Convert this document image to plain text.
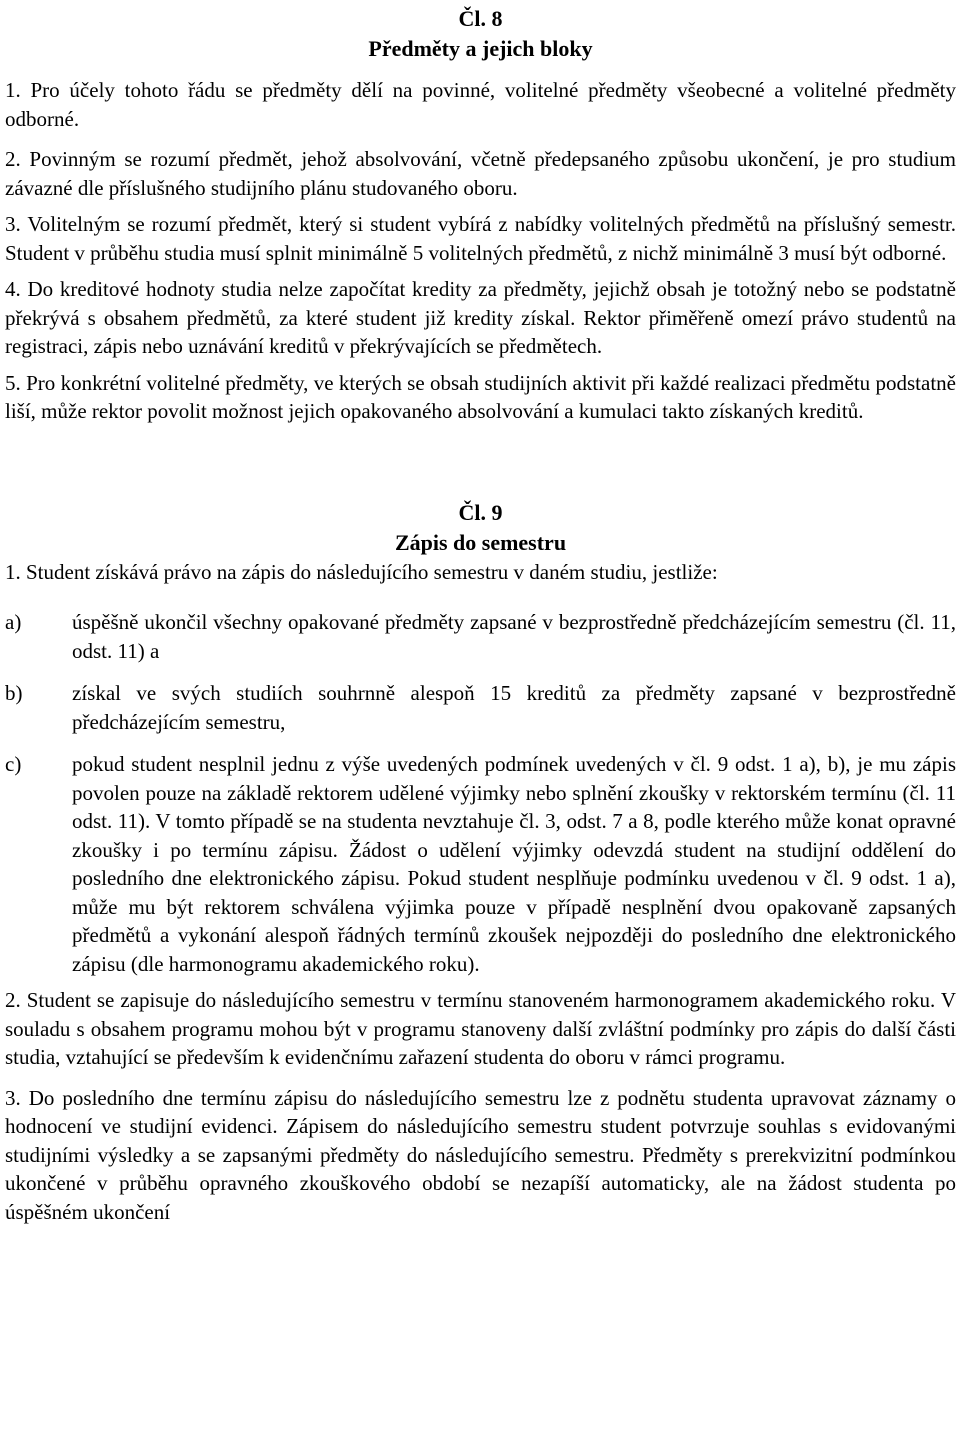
Čl. 8
Předměty a jejich bloky

1. Pro účely tohoto řádu se předměty dělí na povinné, volitelné předměty všeobecné a volitelné předměty odborné.

2. Povinným se rozumí předmět, jehož absolvování, včetně předepsaného způsobu ukončení, je pro studium závazné dle příslušného studijního plánu studovaného oboru.

3. Volitelným se rozumí předmět, který si student vybírá z nabídky volitelných předmětů na příslušný semestr. Student v průběhu studia musí splnit minimálně 5 volitelných předmětů, z nichž minimálně 3 musí být odborné.

4. Do kreditové hodnoty studia nelze započítat kredity za předměty, jejichž obsah je totožný nebo se podstatně překrývá s obsahem předmětů, za které student již kredity získal. Rektor přiměřeně omezí právo studentů na registraci, zápis nebo uznávání kreditů v překrývajících se předmětech.

5. Pro konkrétní volitelné předměty, ve kterých se obsah studijních aktivit při každé realizaci předmětu podstatně liší, může rektor povolit možnost jejich opakovaného absolvování a kumulaci takto získaných kreditů.

Čl. 9
Zápis do semestru

1. Student získává právo na zápis do následujícího semestru v daném studiu, jestliže:

a)	úspěšně ukončil všechny opakované předměty zapsané v bezprostředně předcházejícím semestru (čl. 11, odst. 11) a
b)	získal ve svých studiích souhrnně alespoň 15 kreditů za předměty zapsané v bezprostředně předcházejícím semestru,
c)	pokud student nesplnil jednu z výše uvedených podmínek uvedených v čl. 9 odst. 1 a), b), je mu zápis povolen pouze na základě rektorem udělené výjimky nebo splnění zkoušky v rektorském termínu (čl. 11 odst. 11). V tomto případě se na studenta nevztahuje čl. 3, odst. 7 a 8, podle kterého může konat opravné zkoušky i po termínu zápisu. Žádost o udělení výjimky odevzdá student na studijní oddělení do posledního dne elektronického zápisu. Pokud student nesplňuje podmínku uvedenou v čl. 9 odst. 1 a), může mu být rektorem schválena výjimka pouze v případě nesplnění dvou opakovaně zapsaných předmětů a vykonání alespoň řádných termínů zkoušek nejpozději do posledního dne elektronického zápisu (dle harmonogramu akademického roku).

2. Student se zapisuje do následujícího semestru v termínu stanoveném harmonogramem akademického roku. V souladu s obsahem programu mohou být v programu stanoveny další zvláštní podmínky pro zápis do další části studia, vztahující se především k evidenčnímu zařazení studenta do oboru v rámci programu.

3. Do posledního dne termínu zápisu do následujícího semestru lze z podnětu studenta upravovat záznamy o hodnocení ve studijní evidenci. Zápisem do následujícího semestru student potvrzuje souhlas s evidovanými studijními výsledky a se zapsanými předměty do následujícího semestru. Předměty s prerekvizitní podmínkou ukončené v průběhu opravného zkouškového období se nezapíší automaticky, ale na žádost studenta po úspěšném ukončení
